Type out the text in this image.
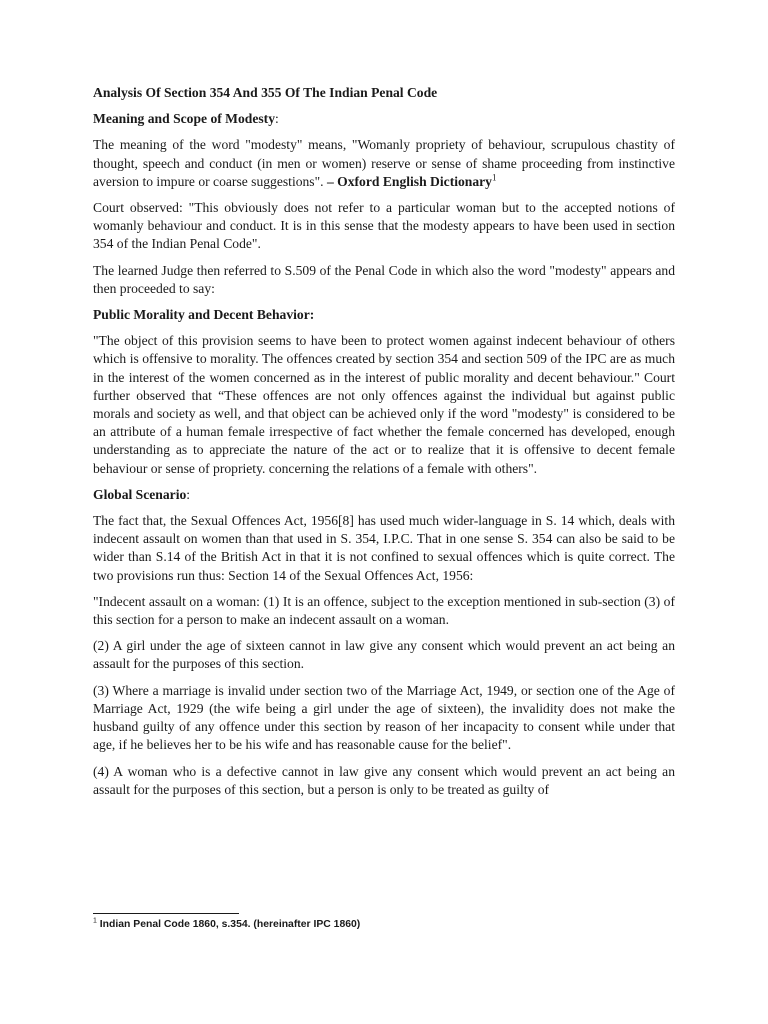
Analysis Of Section 354 And 355 Of The Indian Penal Code
Meaning and Scope of Modesty:

The meaning of the word "modesty" means, "Womanly propriety of behaviour, scrupulous chastity of thought, speech and conduct (in men or women) reserve or sense of shame proceeding from instinctive aversion to impure or coarse suggestions". – Oxford English Dictionary$^1$

Court observed: "This obviously does not refer to a particular woman but to the accepted notions of womanly behaviour and conduct. It is in this sense that the modesty appears to have been used in section 354 of the Indian Penal Code".

The learned Judge then referred to S.509 of the Penal Code in which also the word "modesty" appears and then proceeded to say:

Public Morality and Decent Behavior:

"The object of this provision seems to have been to protect women against indecent behaviour of others which is offensive to morality. The offences created by section 354 and section 509 of the IPC are as much in the interest of the women concerned as in the interest of public morality and decent behaviour." Court further observed that “These offences are not only offences against the individual but against public morals and society as well, and that object can be achieved only if the word "modesty" is considered to be an attribute of a human female irrespective of fact whether the female concerned has developed, enough understanding as to appreciate the nature of the act or to realize that it is offensive to decent female behaviour or sense of propriety. concerning the relations of a female with others".

Global Scenario:

The fact that, the Sexual Offences Act, 1956[8] has used much wider-language in S. 14 which, deals with indecent assault on women than that used in S. 354, I.P.C. That in one sense S. 354 can also be said to be wider than S.14 of the British Act in that it is not confined to sexual offences which is quite correct. The two provisions run thus: Section 14 of the Sexual Offences Act, 1956:

"Indecent assault on a woman: (1) It is an offence, subject to the exception mentioned in sub-section (3) of this section for a person to make an indecent assault on a woman.

(2) A girl under the age of sixteen cannot in law give any consent which would prevent an act being an assault for the purposes of this section.

(3) Where a marriage is invalid under section two of the Marriage Act, 1949, or section one of the Age of Marriage Act, 1929 (the wife being a girl under the age of sixteen), the invalidity does not make the husband guilty of any offence under this section by reason of her incapacity to consent while under that age, if he believes her to be his wife and has reasonable cause for the belief".

(4) A woman who is a defective cannot in law give any consent which would prevent an act being an assault for the purposes of this section, but a person is only to be treated as guilty of

$^1$ Indian Penal Code 1860, s.354. (hereinafter IPC 1860)
